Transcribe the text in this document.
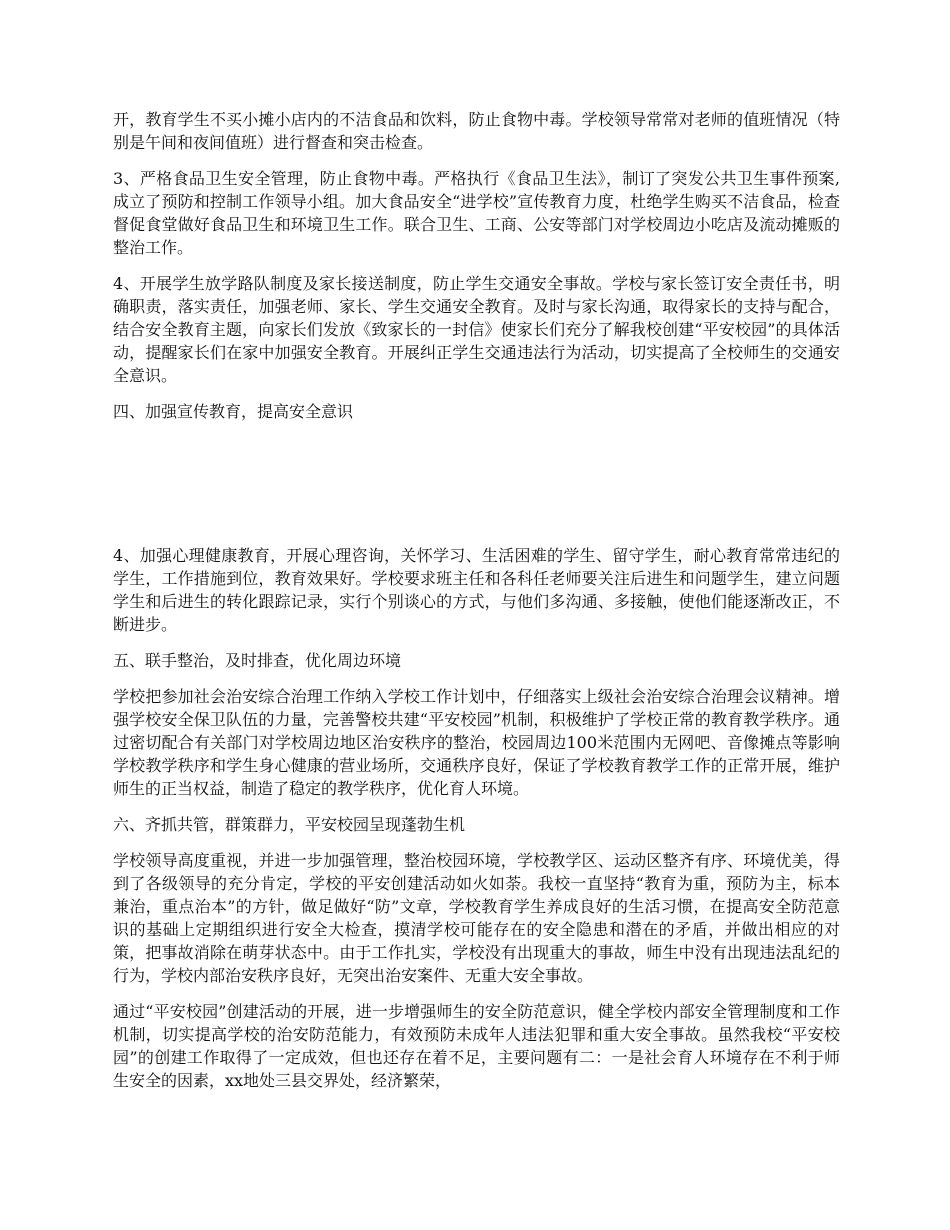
开，教育学生不买小摊小店内的不洁食品和饮料，防止食物中毒。学校领导常常对老师的值班情况（特别是午间和夜间值班）进行督查和突击检查。

3、严格食品卫生安全管理，防止食物中毒。严格执行《食品卫生法》，制订了突发公共卫生事件预案,成立了预防和控制工作领导小组。加大食品安全“进学校”宣传教育力度，杜绝学生购买不洁食品，检查督促食堂做好食品卫生和环境卫生工作。联合卫生、工商、公安等部门对学校周边小吃店及流动摊贩的整治工作。

4、开展学生放学路队制度及家长接送制度，防止学生交通安全事故。学校与家长签订安全责任书，明确职责，落实责任，加强老师、家长、学生交通安全教育。及时与家长沟通，取得家长的支持与配合，结合安全教育主题，向家长们发放《致家长的一封信》使家长们充分了解我校创建“平安校园”的具体活动，提醒家长们在家中加强安全教育。开展纠正学生交通违法行为活动，切实提高了全校师生的交通安全意识。

四、加强宣传教育，提高安全意识

4、加强心理健康教育，开展心理咨询，关怀学习、生活困难的学生、留守学生，耐心教育常常违纪的学生，工作措施到位，教育效果好。学校要求班主任和各科任老师要关注后进生和问题学生，建立问题学生和后进生的转化跟踪记录，实行个别谈心的方式，与他们多沟通、多接触，使他们能逐渐改正，不断进步。

五、联手整治，及时排查，优化周边环境

学校把参加社会治安综合治理工作纳入学校工作计划中，仔细落实上级社会治安综合治理会议精神。增强学校安全保卫队伍的力量，完善警校共建“平安校园”机制，积极维护了学校正常的教育教学秩序。通过密切配合有关部门对学校周边地区治安秩序的整治，校园周边100米范围内无网吧、音像摊点等影响学校教学秩序和学生身心健康的营业场所，交通秩序良好，保证了学校教育教学工作的正常开展，维护师生的正当权益，制造了稳定的教学秩序，优化育人环境。

六、齐抓共管，群策群力，平安校园呈现蓬勃生机

学校领导高度重视，并进一步加强管理，整治校园环境，学校教学区、运动区整齐有序、环境优美，得到了各级领导的充分肯定，学校的平安创建活动如火如荼。我校一直坚持“教育为重，预防为主，标本兼治，重点治本”的方针，做足做好“防”文章，学校教育学生养成良好的生活习惯，在提高安全防范意识的基础上定期组织进行安全大检查，摸清学校可能存在的安全隐患和潜在的矛盾，并做出相应的对策，把事故消除在萌芽状态中。由于工作扎实，学校没有出现重大的事故，师生中没有出现违法乱纪的行为，学校内部治安秩序良好，无突出治安案件、无重大安全事故。

通过“平安校园”创建活动的开展，进一步增强师生的安全防范意识，健全学校内部安全管理制度和工作机制，切实提高学校的治安防范能力，有效预防未成年人违法犯罪和重大安全事故。虽然我校“平安校园”的创建工作取得了一定成效，但也还存在着不足，主要问题有二：一是社会育人环境存在不利于师生安全的因素，xx地处三县交界处，经济繁荣，
